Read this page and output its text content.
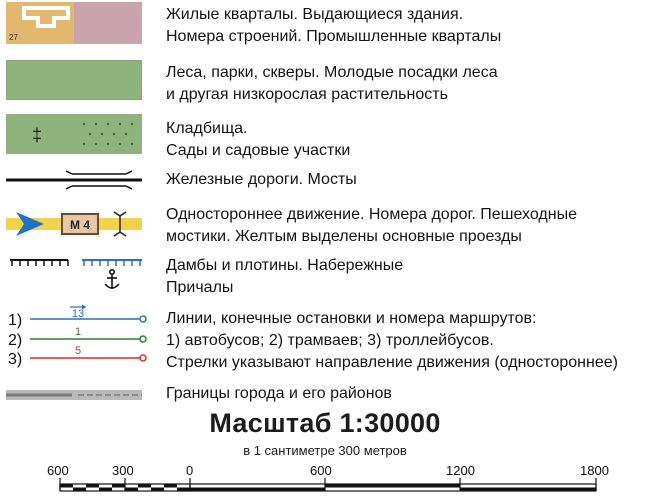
27
Жилые кварталы. Выдающиеся здания.
Номера строений. Промышленные кварталы
Леса, парки, скверы. Молодые посадки леса
и другая низкорослая растительность
‡	Кладбища.
Сады и садовые участки
Железные дороги. Мосты
М 4
Одностороннее движение. Номера дорог. Пешеходные
мостики. Желтым выделены основные проезды
Дамбы и плотины. Набережные
Причалы
1)	13
2)	1
3)	5
Линии, конечные остановки и номера маршрутов:
1) автобусов; 2) трамваев; 3) троллейбусов.
Стрелки указывают направление движения (одностороннее)
Границы города и его районов
Масштаб 1:30000
в 1 сантиметре 300 метров
600	300	0	600	1200	1800
